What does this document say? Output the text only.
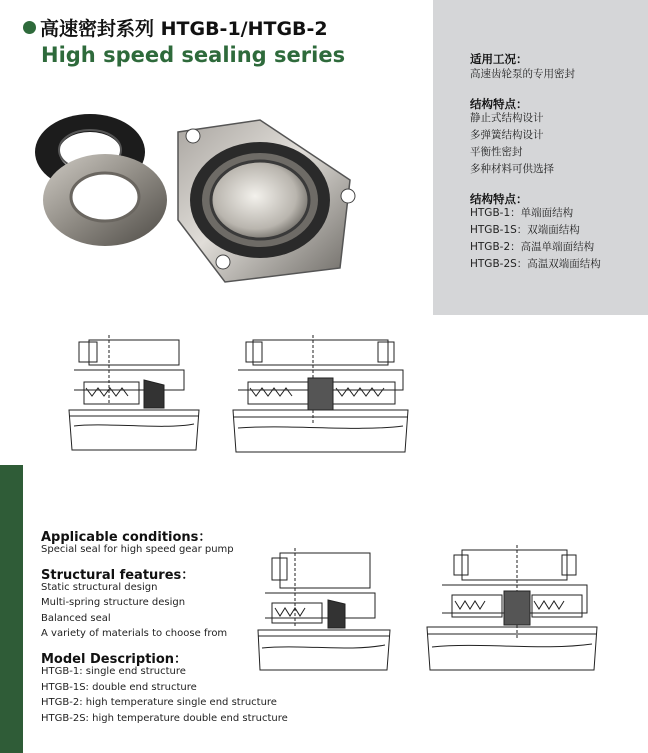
高速密封系列 HTGB-1/HTGB-2
High speed sealing series	适用工况：
高速齿轮泵的专用密封
结构特点：
静止式结构设计
多弹簧结构设计
平衡性密封
多种材料可供选择
结构特点：
HTGB-1：单端面结构
HTGB-1S：双端面结构
HTGB-2：高温单端面结构
HTGB-2S：高温双端面结构
Applicable conditions：
Special seal for high speed gear pump
Structural features：
Static structural design
Multi-spring structure design
Balanced seal
A variety of materials to choose from
Model Description：
HTGB-1: single end structure
HTGB-1S: double end structure
HTGB-2: high temperature single end structure
HTGB-2S: high temperature double end structure
